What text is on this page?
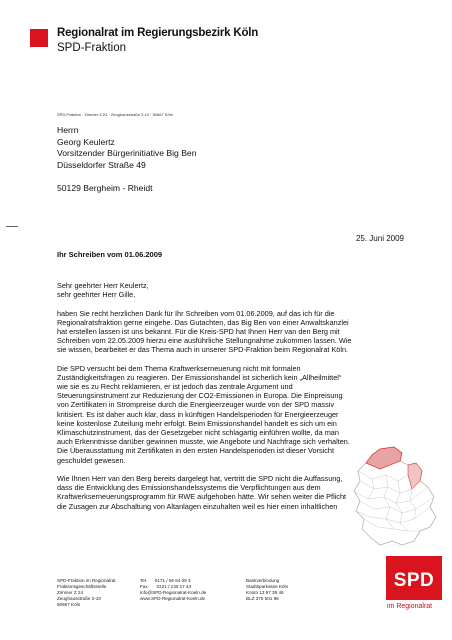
Regionalrat im Regierungsbezirk Köln
SPD-Fraktion
SPD-Fraktion · Zimmer Z 24 · Zeughausstraße 2-10 · 50667 Köln
Herrn
Georg Keulertz
Vorsitzender Bürgerinitiative Big Ben
Düsseldorfer Straße 49
50129 Bergheim - Rheidt
25. Juni 2009
Ihr Schreiben vom 01.06.2009
Sehr geehrter Herr Keulertz,
sehr geehrter Herr Gille,
haben Sie recht herzlichen Dank für Ihr Schreiben vom 01.06.2009, auf das ich für die
Regionalratsfraktion gerne eingehe. Das Gutachten, das Big Ben von einer Anwaltskanzlei
hat erstellen lassen ist uns bekannt. Für die Kreis-SPD hat Ihnen Herr van den Berg mit
Schreiben vom 22.05.2009 hierzu eine ausführliche Stellungnahme zukommen lassen. Wie
sie wissen, bearbeitet er das Thema auch in unserer SPD-Fraktion beim Regionalrat Köln.
Die SPD versucht bei dem Thema Kraftwerkserneuerung nicht mit formalen
Zuständigkeitsfragen zu reagieren. Der Emissionshandel ist sicherlich kein „Allheilmittel“
wie sie es zu Recht reklamieren, er ist jedoch das zentrale Argument und
Steuerungsinstrument zur Reduzierung der CO2-Emissionen in Europa. Die Einpreisung
von Zertifikaten in Strompreise durch die Energieerzeuger wurde von der SPD massiv
kritisiert. Es ist daher auch klar, dass in künftigen Handelsperioden für Energieerzeuger
keine kostenlose Zuteilung mehr erfolgt. Beim Emissionshandel handelt es sich um ein
Klimaschutzinstrument, das der Gesetzgeber nicht schlagartig einführen wollte, da man
auch Erkenntnisse darüber gewinnen musste, wie Angebote und Nachfrage sich verhalten.
Die Überausstattung mit Zertifikaten in den ersten Handelsperioden ist dieser Vorsicht
geschuldet gewesen.
Wie Ihnen Herr van den Berg bereits dargelegt hat, vertritt die SPD nicht die Auffassung,
dass die Entwicklung des Emissionshandelssystems die Verpflichtungen aus dem
Kraftwerkserneuerungsprogramm für RWE aufgehoben hätte. Wir sehen weiter die Pflicht
die Zusagen zur Abschaltung von Altanlagen einzuhalten weil es hier einen inhaltlichen
SPD-Fraktion im Regionalrat
Fraktionsgeschäftsstelle
Zimmer Z 24
Zeughausstraße 2-10
50667 Köln
Tel.      0171 / 56 64 09 3
Fax       0221 / 130 17 43
info@SPD-Regionalrat-Koeln.de
www.SPD-Regionalrat-Koeln.de
Bankverbindung
Stadtsparkasse Köln
Konto 13 97 39 46
BLZ 370 501 98
SPD
im Regionalrat
